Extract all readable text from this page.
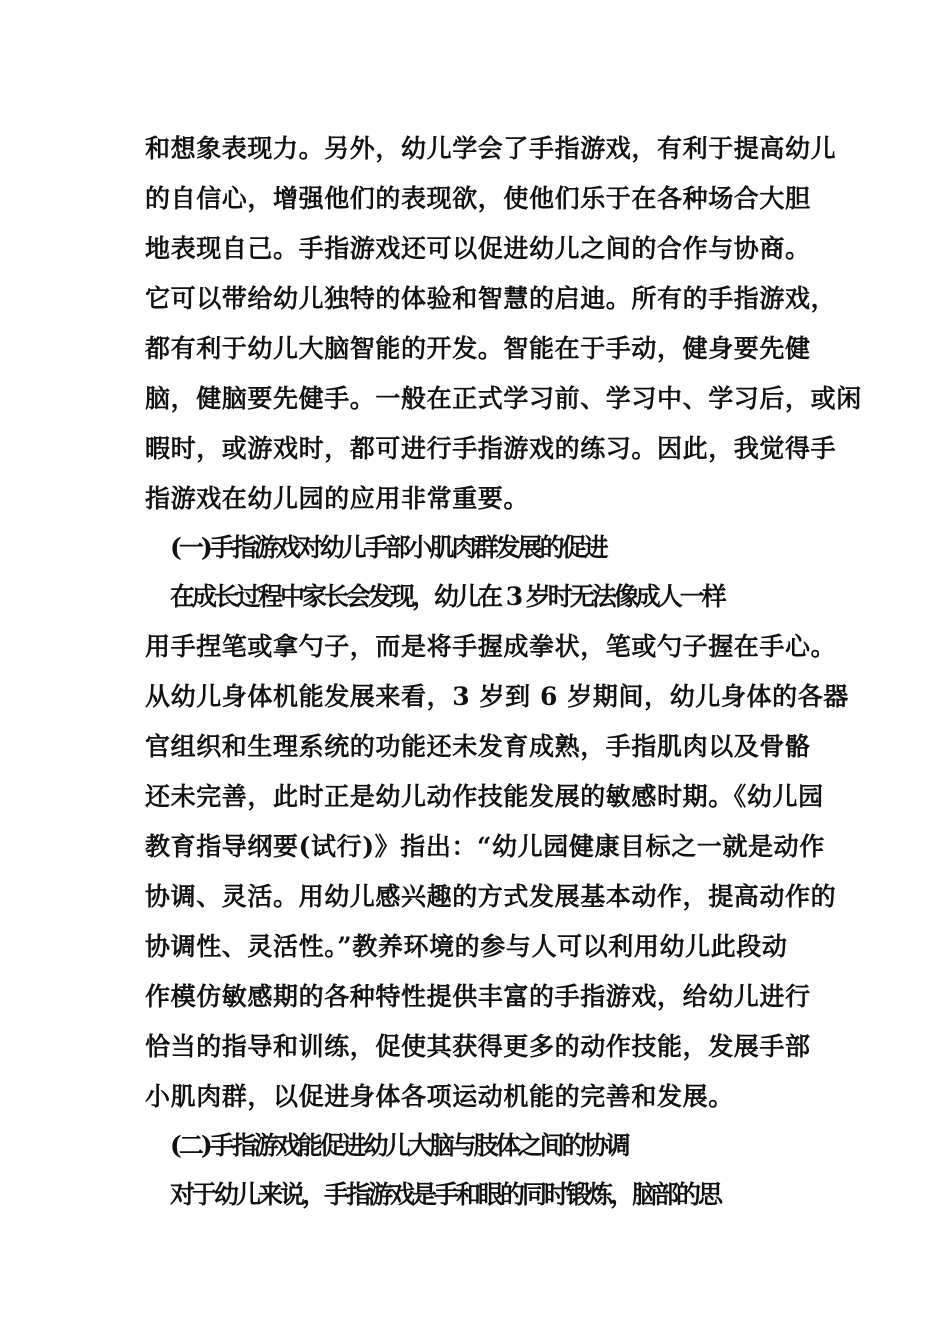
和想象表现力。另外，幼儿学会了手指游戏，有利于提高幼儿
的自信心，增强他们的表现欲，使他们乐于在各种场合大胆
地表现自己。手指游戏还可以促进幼儿之间的合作与协商。
它可以带给幼儿独特的体验和智慧的启迪。所有的手指游戏，
都有利于幼儿大脑智能的开发。智能在于手动，健身要先健
脑，健脑要先健手。一般在正式学习前、学习中、学习后，或闲
暇时，或游戏时，都可进行手指游戏的练习。因此，我觉得手
指游戏在幼儿园的应用非常重要。
(一)手指游戏对幼儿手部小肌肉群发展的促进
在成长过程中家长会发现，幼儿在 3 岁时无法像成人一样
用手捏笔或拿勺子，而是将手握成拳状，笔或勺子握在手心。
从幼儿身体机能发展来看，3 岁到 6 岁期间，幼儿身体的各器
官组织和生理系统的功能还未发育成熟，手指肌肉以及骨骼
还未完善，此时正是幼儿动作技能发展的敏感时期。《幼儿园
教育指导纲要(试行)》指出：“幼儿园健康目标之一就是动作
协调、灵活。用幼儿感兴趣的方式发展基本动作，提高动作的
协调性、灵活性。”教养环境的参与人可以利用幼儿此段动
作模仿敏感期的各种特性提供丰富的手指游戏，给幼儿进行
恰当的指导和训练，促使其获得更多的动作技能，发展手部
小肌肉群，以促进身体各项运动机能的完善和发展。
(二)手指游戏能促进幼儿大脑与肢体之间的协调
对于幼儿来说，手指游戏是手和眼的同时锻炼，脑部的思
